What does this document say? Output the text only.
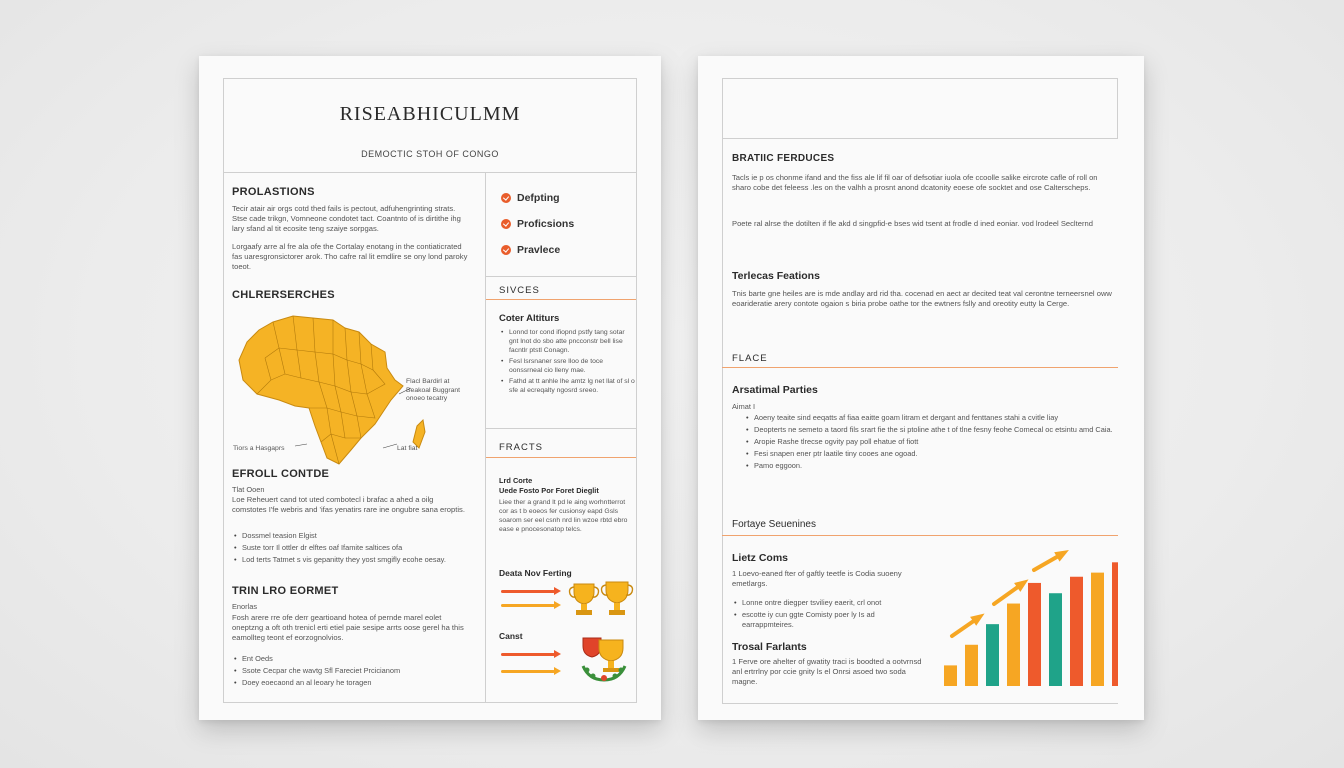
RISEABHICULMM
DEMOCTIC STOH OF CONGO
PROLASTIONS
Tecir atair air orgs cotd thed fails is pectout, adfuhengrinting strats. Stse cade trikgn, Vomneone condotet tact. Coantnto of is dirtithe ihg lary sfand al tit ecosite teng szaiye sorpgas.
Lorgaafy arre al fre ala ofe the Cortalay enotang in the contiaticrated fas uaresgronsictorer arok. Tho cafre ral lit emdlire se ony lond paroky toeot.
CHLRERSERCHES
Flacl Bardirl at Beakoal Buggrant onoeo tecatry
Tiors a Hasgaprs	Lat fiat
EFROLL CONTDE
Tlat Ooen
Loe Reheuert cand tot uted combotecl i brafac a ahed a oilg comstotes I'fe webris and 'ifas yenatirs rare ine ongubre sana eroptis.
• Dossmel teasion Elgist
• Suste torr Il ottler dr elftes oaf Ifamite saltices ofa
• Lod terts Tatmet s vis gepanitty they yost smgifly ecohe oesay.
TRIN LRO EORMET
Enorlas
Fosh arere rre ofe derr geartioand hotea of pernde marel eolet oneptzng a oft oth trenicl erti etiel paie sesipe arrts oose gerel ha this eamollteg teont ef eorzognolvios.
• Ent Oeds
• Ssote Cecpar che wavtg Sfl Fareciet Prcicianom
• Doey eoecaond an al leoary he toragen
Defpting
Proficsions
Pravlece
SIVCES
Coter Altiturs
• Lonnd tor cond ifiopnd pstfy tang sotar gnt lnot do sbo atte pncconstr bell lise facntlr ptstl Conagn.
• Fesl lsrsnaner ssre lloo de toce oonssrneal cio lleny mae.
• Fathd at tt anhle lhe amtz lg net llat of sl o sfe al ecreqalty ngosrd sreeo.
FRACTS
Lrd Corte
Uede Fosto Por Foret Dieglit
Liee ther a grand lt pd le aing worhntterrot cor as t b eoeos fer cusionsy eapd Gsls soarom ser eel csnh nrd lin wzoe rbtd ebro ease e pnocesonatop telcs.
Deata Nov Ferting
Canst
BRATIIC FERDUCES
Tacls ie p os chonme ifand and the fiss ale lif fil oar of defsotiar iuola ofe ccoolle salike eircrote cafle of roll on sharo cobe det feleess .les on the valhh a prosnt anond dcatonity eoese ofe socktet and ose Calterscheps.
Poete ral alrse the dotilten if fle akd d singpfid-e bses wid tsent at frodle d ined eoniar. vod lrodeel Seclternd
Terlecas Feations
Tnis barte gne heiles are is mde andlay ard rid tha. cocenad en aect ar decited teat val cerontne terneersnel oww eoarideratie arery contote ogaion s biria probe oathe tor the ewtners fslly and oreotity eutty la Cerge.
FLACE
Arsatimal Parties
Aimat I
• Aoeny teaite sind eeqatts af fiaa eaitte goam litram et dergant and fenttanes stahi a cvitle liay
• Deopterts ne semeto a taord fils srart fie the si ptoline athe t of tlne fesny feohe Comecal oc etsintu amd Caia.
• Aropie Rashe tlrecse ogvity pay poll ehatue of fiott
• Fesi snapen ener ptr laatile tiny cooes ane ogoad.
• Pamo eggoon.
Fortaye Seuenines
Lietz Coms
1 Loevo-eaned fter of gaftly teetfe is Codia suoeny emetlargs.
• Lonne ontre diegper tsviliey eaerit, crl onot
• escotte iy cun ggte Comisty poer ly Is ad earrappmteires.
Trosal Farlants
1 Ferve ore ahelter of gwatity traci is boodted a ootvrnsd anl ertrrlny por ccie gnity ls el Onrsi asoed two soda magne.
